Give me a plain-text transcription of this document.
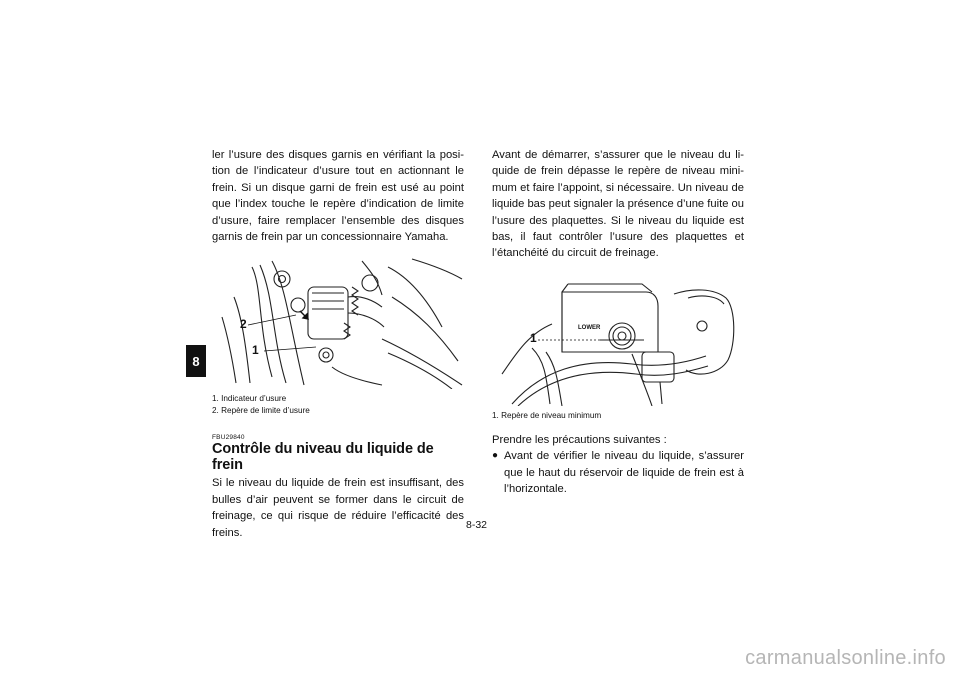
8

ler l’usure des disques garnis en vérifiant la posi-tion de l’indicateur d’usure tout en actionnant le frein. Si un disque garni de frein est usé au point que l’index touche le repère d’indication de limite d’usure, faire remplacer l’ensemble des disques garnis de frein par un concessionnaire Yamaha.

2
1
1. Indicateur d’usure
2. Repère de limite d’usure
FBU29840
Contrôle du niveau du liquide de frein

Si le niveau du liquide de frein est insuffisant, des bulles d’air peuvent se former dans le circuit de freinage, ce qui risque de réduire l’efficacité des freins.

Avant de démarrer, s’assurer que le niveau du li-quide de frein dépasse le repère de niveau mini-mum et faire l’appoint, si nécessaire. Un niveau de liquide bas peut signaler la présence d’une fuite ou l’usure des plaquettes. Si le niveau du liquide est bas, il faut contrôler l’usure des plaquettes et l’étanchéité du circuit de freinage.

1
LOWER
1. Repère de niveau minimum

Prendre les précautions suivantes :

● Avant de vérifier le niveau du liquide, s’assurer que le haut du réservoir de liquide de frein est à l’horizontale.
8-32
carmanualsonline.info
